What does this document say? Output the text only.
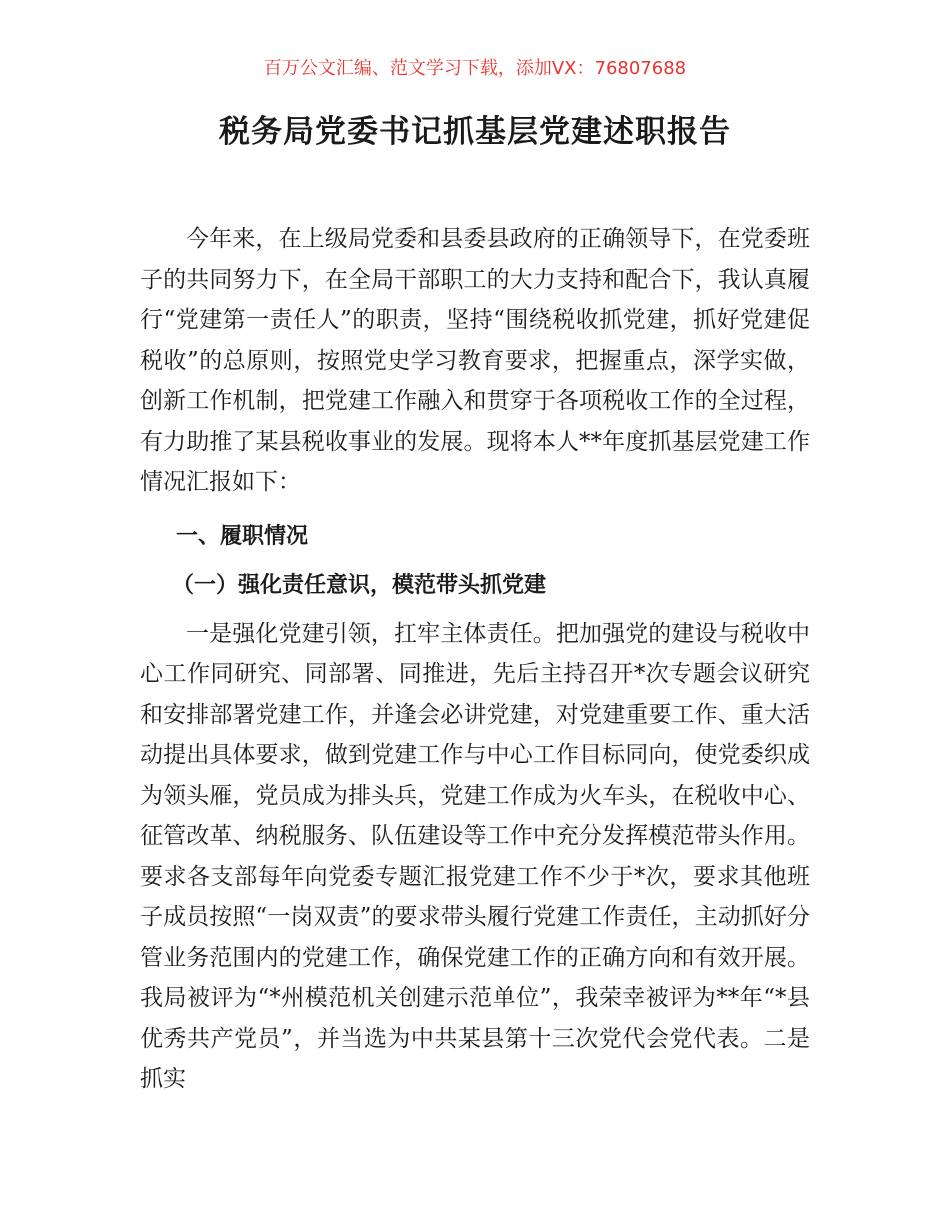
百万公文汇编、范文学习下载，添加VX：76807688
税务局党委书记抓基层党建述职报告

今年来，在上级局党委和县委县政府的正确领导下，在党委班子的共同努力下，在全局干部职工的大力支持和配合下，我认真履行“党建第一责任人”的职责，坚持“围绕税收抓党建，抓好党建促税收”的总原则，按照党史学习教育要求，把握重点，深学实做，创新工作机制，把党建工作融入和贯穿于各项税收工作的全过程，有力助推了某县税收事业的发展。现将本人**年度抓基层党建工作情况汇报如下：

一、履职情况
（一）强化责任意识，模范带头抓党建

一是强化党建引领，扛牢主体责任。把加强党的建设与税收中心工作同研究、同部署、同推进，先后主持召开*次专题会议研究和安排部署党建工作，并逢会必讲党建，对党建重要工作、重大活动提出具体要求，做到党建工作与中心工作目标同向，使党委织成为领头雁，党员成为排头兵，党建工作成为火车头，在税收中心、征管改革、纳税服务、队伍建设等工作中充分发挥模范带头作用。要求各支部每年向党委专题汇报党建工作不少于*次，要求其他班子成员按照“一岗双责”的要求带头履行党建工作责任，主动抓好分管业务范围内的党建工作，确保党建工作的正确方向和有效开展。我局被评为“*州模范机关创建示范单位”，我荣幸被评为**年“*县优秀共产党员”，并当选为中共某县第十三次党代会党代表。二是抓实
